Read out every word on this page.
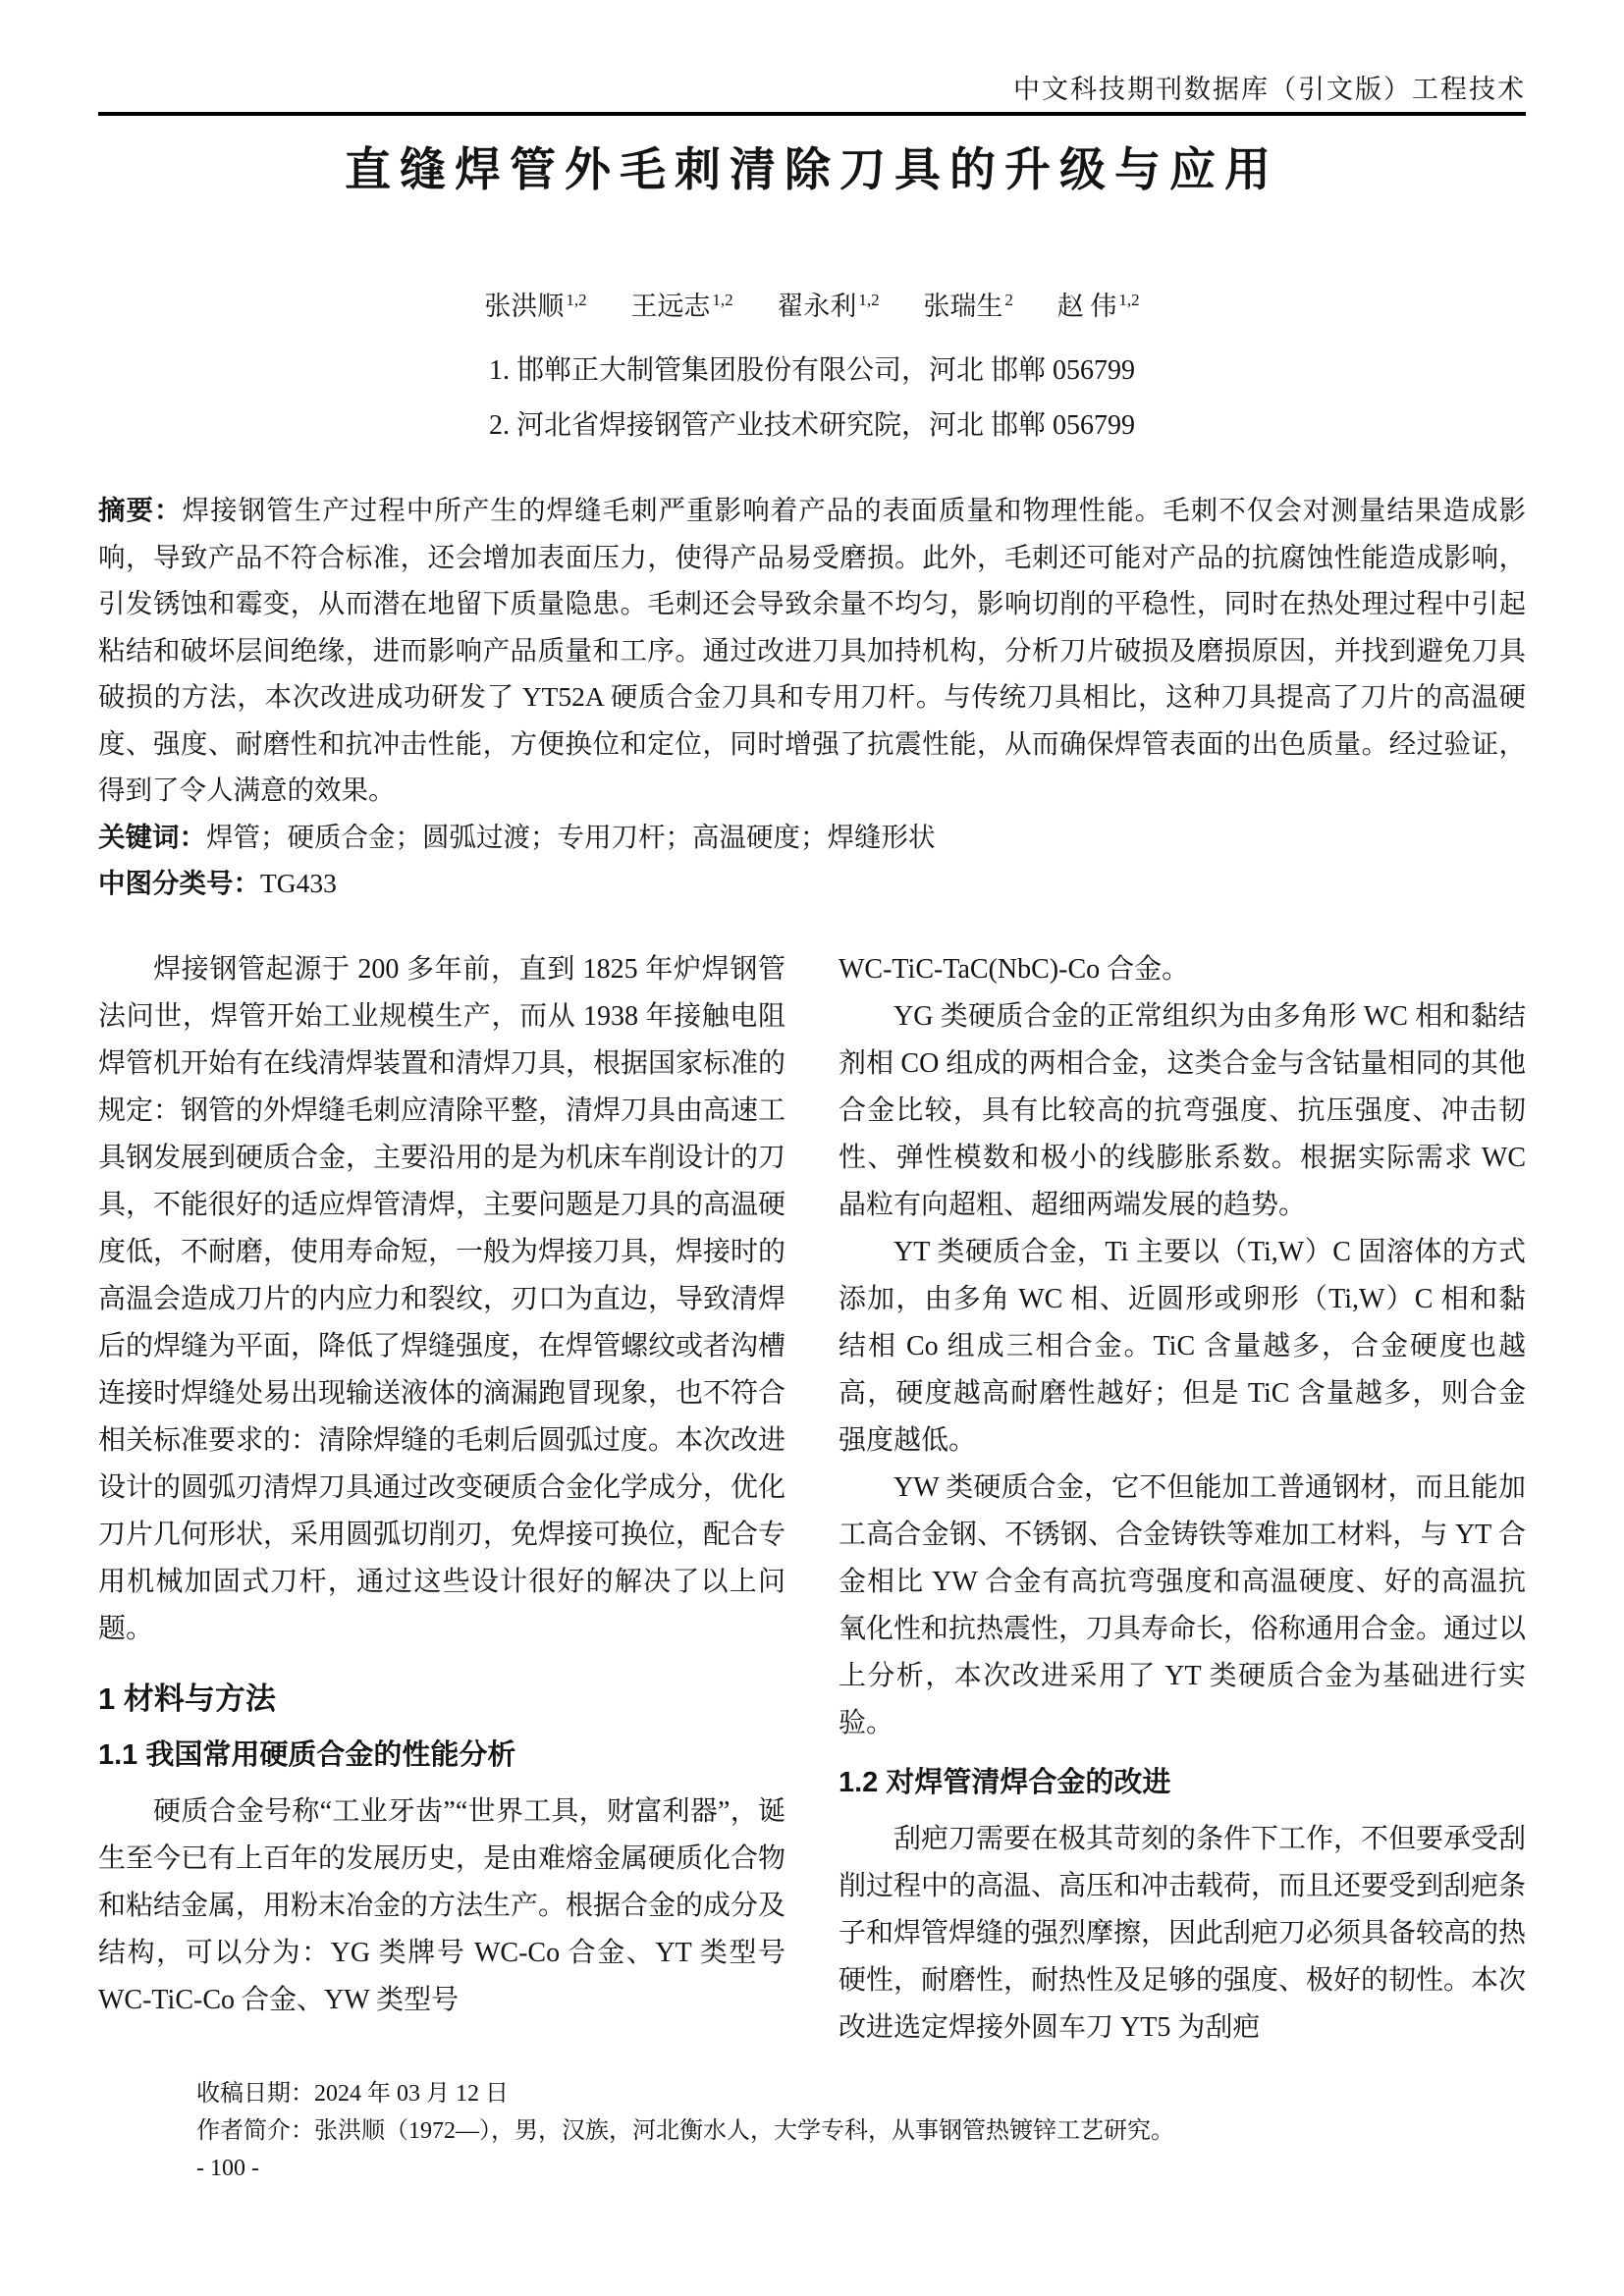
中文科技期刊数据库（引文版）工程技术
直缝焊管外毛刺清除刀具的升级与应用
张洪顺 $^{1,2}$ 王远志 $^{1,2}$ 翟永利 $^{1,2}$ 张瑞生 $^2$ 赵 伟 $^{1,2}$
1. 邯郸正大制管集团股份有限公司，河北 邯郸 056799
2. 河北省焊接钢管产业技术研究院，河北 邯郸 056799
摘要：焊接钢管生产过程中所产生的焊缝毛刺严重影响着产品的表面质量和物理性能。毛刺不仅会对测量结果造成影响，导致产品不符合标准，还会增加表面压力，使得产品易受磨损。此外，毛刺还可能对产品的抗腐蚀性能造成影响，引发锈蚀和霉变，从而潜在地留下质量隐患。毛刺还会导致余量不均匀，影响切削的平稳性，同时在热处理过程中引起粘结和破坏层间绝缘，进而影响产品质量和工序。通过改进刀具加持机构，分析刀片破损及磨损原因，并找到避免刀具破损的方法，本次改进成功研发了 YT52A 硬质合金刀具和专用刀杆。与传统刀具相比，这种刀具提高了刀片的高温硬度、强度、耐磨性和抗冲击性能，方便换位和定位，同时增强了抗震性能，从而确保焊管表面的出色质量。经过验证，得到了令人满意的效果。
关键词：焊管；硬质合金；圆弧过渡；专用刀杆；高温硬度；焊缝形状
中图分类号：TG433

焊接钢管起源于 200 多年前，直到 1825 年炉焊钢管法问世，焊管开始工业规模生产，而从 1938 年接触电阻焊管机开始有在线清焊装置和清焊刀具，根据国家标准的规定：钢管的外焊缝毛刺应清除平整，清焊刀具由高速工具钢发展到硬质合金，主要沿用的是为机床车削设计的刀具，不能很好的适应焊管清焊，主要问题是刀具的高温硬度低，不耐磨，使用寿命短，一般为焊接刀具，焊接时的高温会造成刀片的内应力和裂纹，刃口为直边，导致清焊后的焊缝为平面，降低了焊缝强度，在焊管螺纹或者沟槽连接时焊缝处易出现输送液体的滴漏跑冒现象，也不符合相关标准要求的：清除焊缝的毛刺后圆弧过度。本次改进设计的圆弧刃清焊刀具通过改变硬质合金化学成分，优化刀片几何形状，采用圆弧切削刃，免焊接可换位，配合专用机械加固式刀杆，通过这些设计很好的解决了以上问题。

1 材料与方法
1.1 我国常用硬质合金的性能分析

硬质合金号称“工业牙齿”“世界工具，财富利器”，诞生至今已有上百年的发展历史，是由难熔金属硬质化合物和粘结金属，用粉末冶金的方法生产。根据合金的成分及结构，可以分为：YG 类牌号 WC-Co 合金、YT 类型号 WC-TiC-Co 合金、YW 类型号

WC-TiC-TaC(NbC)-Co 合金。

YG 类硬质合金的正常组织为由多角形 WC 相和黏结剂相 CO 组成的两相合金，这类合金与含钴量相同的其他合金比较，具有比较高的抗弯强度、抗压强度、冲击韧性、弹性模数和极小的线膨胀系数。根据实际需求 WC 晶粒有向超粗、超细两端发展的趋势。

YT 类硬质合金，Ti 主要以（Ti,W）C 固溶体的方式添加，由多角 WC 相、近圆形或卵形（Ti,W）C 相和黏结相 Co 组成三相合金。TiC 含量越多，合金硬度也越高，硬度越高耐磨性越好；但是 TiC 含量越多，则合金强度越低。

YW 类硬质合金，它不但能加工普通钢材，而且能加工高合金钢、不锈钢、合金铸铁等难加工材料，与 YT 合金相比 YW 合金有高抗弯强度和高温硬度、好的高温抗氧化性和抗热震性，刀具寿命长，俗称通用合金。通过以上分析，本次改进采用了 YT 类硬质合金为基础进行实验。

1.2 对焊管清焊合金的改进

刮疤刀需要在极其苛刻的条件下工作，不但要承受刮削过程中的高温、高压和冲击载荷，而且还要受到刮疤条子和焊管焊缝的强烈摩擦，因此刮疤刀必须具备较高的热硬性，耐磨性，耐热性及足够的强度、极好的韧性。本次改进选定焊接外圆车刀 YT5 为刮疤

收稿日期：2024 年 03 月 12 日

作者简介：张洪顺（1972—），男，汉族，河北衡水人，大学专科，从事钢管热镀锌工艺研究。

- 100 -
